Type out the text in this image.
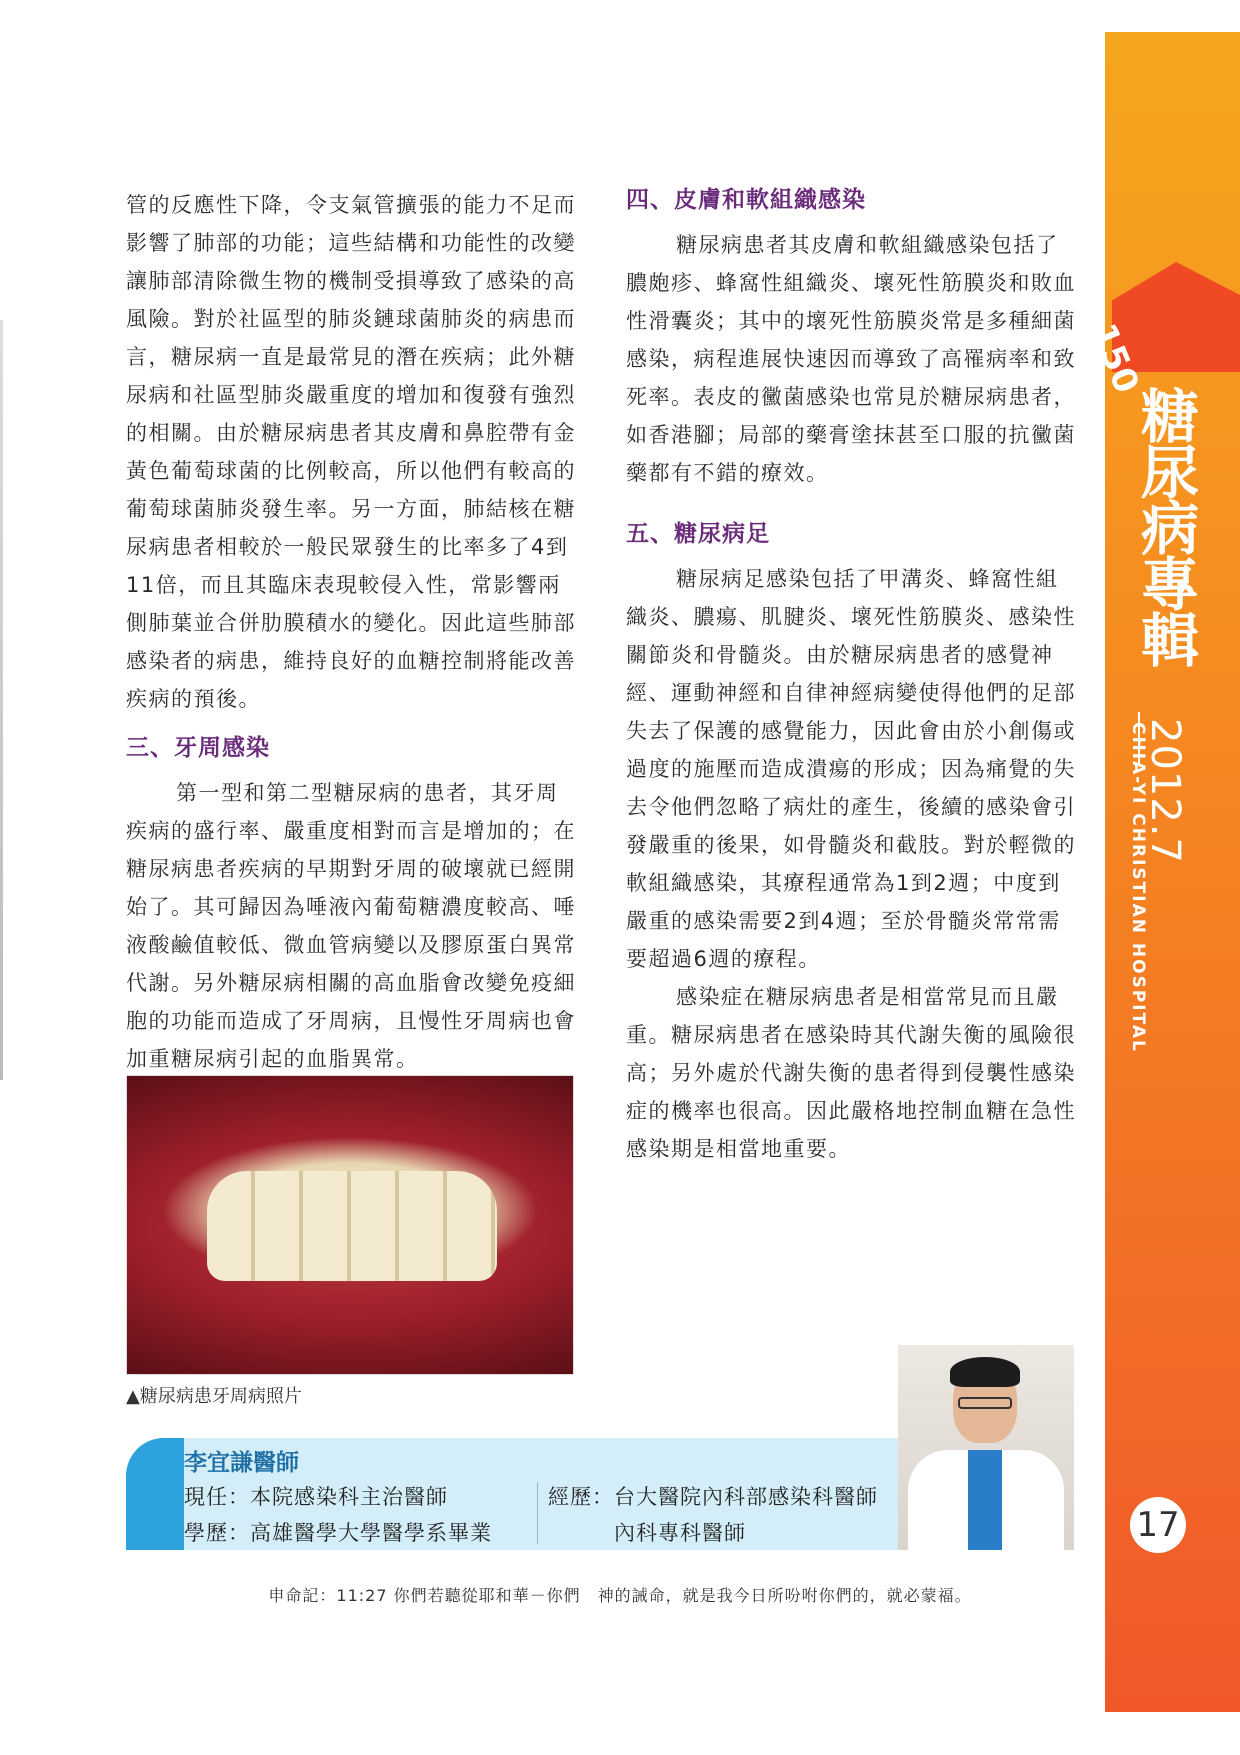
管的反應性下降，令支氣管擴張的能力不足而影響了肺部的功能；這些結構和功能性的改變讓肺部清除微生物的機制受損導致了感染的高風險。對於社區型的肺炎鏈球菌肺炎的病患而言，糖尿病一直是最常見的潛在疾病；此外糖尿病和社區型肺炎嚴重度的增加和復發有強烈的相關。由於糖尿病患者其皮膚和鼻腔帶有金黃色葡萄球菌的比例較高，所以他們有較高的葡萄球菌肺炎發生率。另一方面，肺結核在糖尿病患者相較於一般民眾發生的比率多了4到11倍，而且其臨床表現較侵入性，常影響兩側肺葉並合併肋膜積水的變化。因此這些肺部感染者的病患，維持良好的血糖控制將能改善疾病的預後。

三、牙周感染

第一型和第二型糖尿病的患者，其牙周疾病的盛行率、嚴重度相對而言是增加的；在糖尿病患者疾病的早期對牙周的破壞就已經開始了。其可歸因為唾液內葡萄糖濃度較高、唾液酸鹼值較低、微血管病變以及膠原蛋白異常代謝。另外糖尿病相關的高血脂會改變免疫細胞的功能而造成了牙周病，且慢性牙周病也會加重糖尿病引起的血脂異常。

四、皮膚和軟組織感染

糖尿病患者其皮膚和軟組織感染包括了膿皰疹、蜂窩性組織炎、壞死性筋膜炎和敗血性滑囊炎；其中的壞死性筋膜炎常是多種細菌感染，病程進展快速因而導致了高罹病率和致死率。表皮的黴菌感染也常見於糖尿病患者，如香港腳；局部的藥膏塗抹甚至口服的抗黴菌藥都有不錯的療效。

五、糖尿病足

糖尿病足感染包括了甲溝炎、蜂窩性組織炎、膿瘍、肌腱炎、壞死性筋膜炎、感染性關節炎和骨髓炎。由於糖尿病患者的感覺神經、運動神經和自律神經病變使得他們的足部失去了保護的感覺能力，因此會由於小創傷或過度的施壓而造成潰瘍的形成；因為痛覺的失去令他們忽略了病灶的產生，後續的感染會引發嚴重的後果，如骨髓炎和截肢。對於輕微的軟組織感染，其療程通常為1到2週；中度到嚴重的感染需要2到4週；至於骨髓炎常常需要超過6週的療程。

感染症在糖尿病患者是相當常見而且嚴重。糖尿病患者在感染時其代謝失衡的風險很高；另外處於代謝失衡的患者得到侵襲性感染症的機率也很高。因此嚴格地控制血糖在急性感染期是相當地重要。

▲糖尿病患牙周病照片
李宜謙醫師
現任：本院感染科主治醫師
學歷：高雄醫學大學醫學系畢業
經歷：台大醫院內科部感染科醫師
內科專科醫師
申命記：11:27 你們若聽從耶和華－你們　神的誡命，就是我今日所吩咐你們的，就必蒙福。
150
糖尿病專輯
CHIA-YI CHRISTIAN HOSPITAL
2012.7
17
